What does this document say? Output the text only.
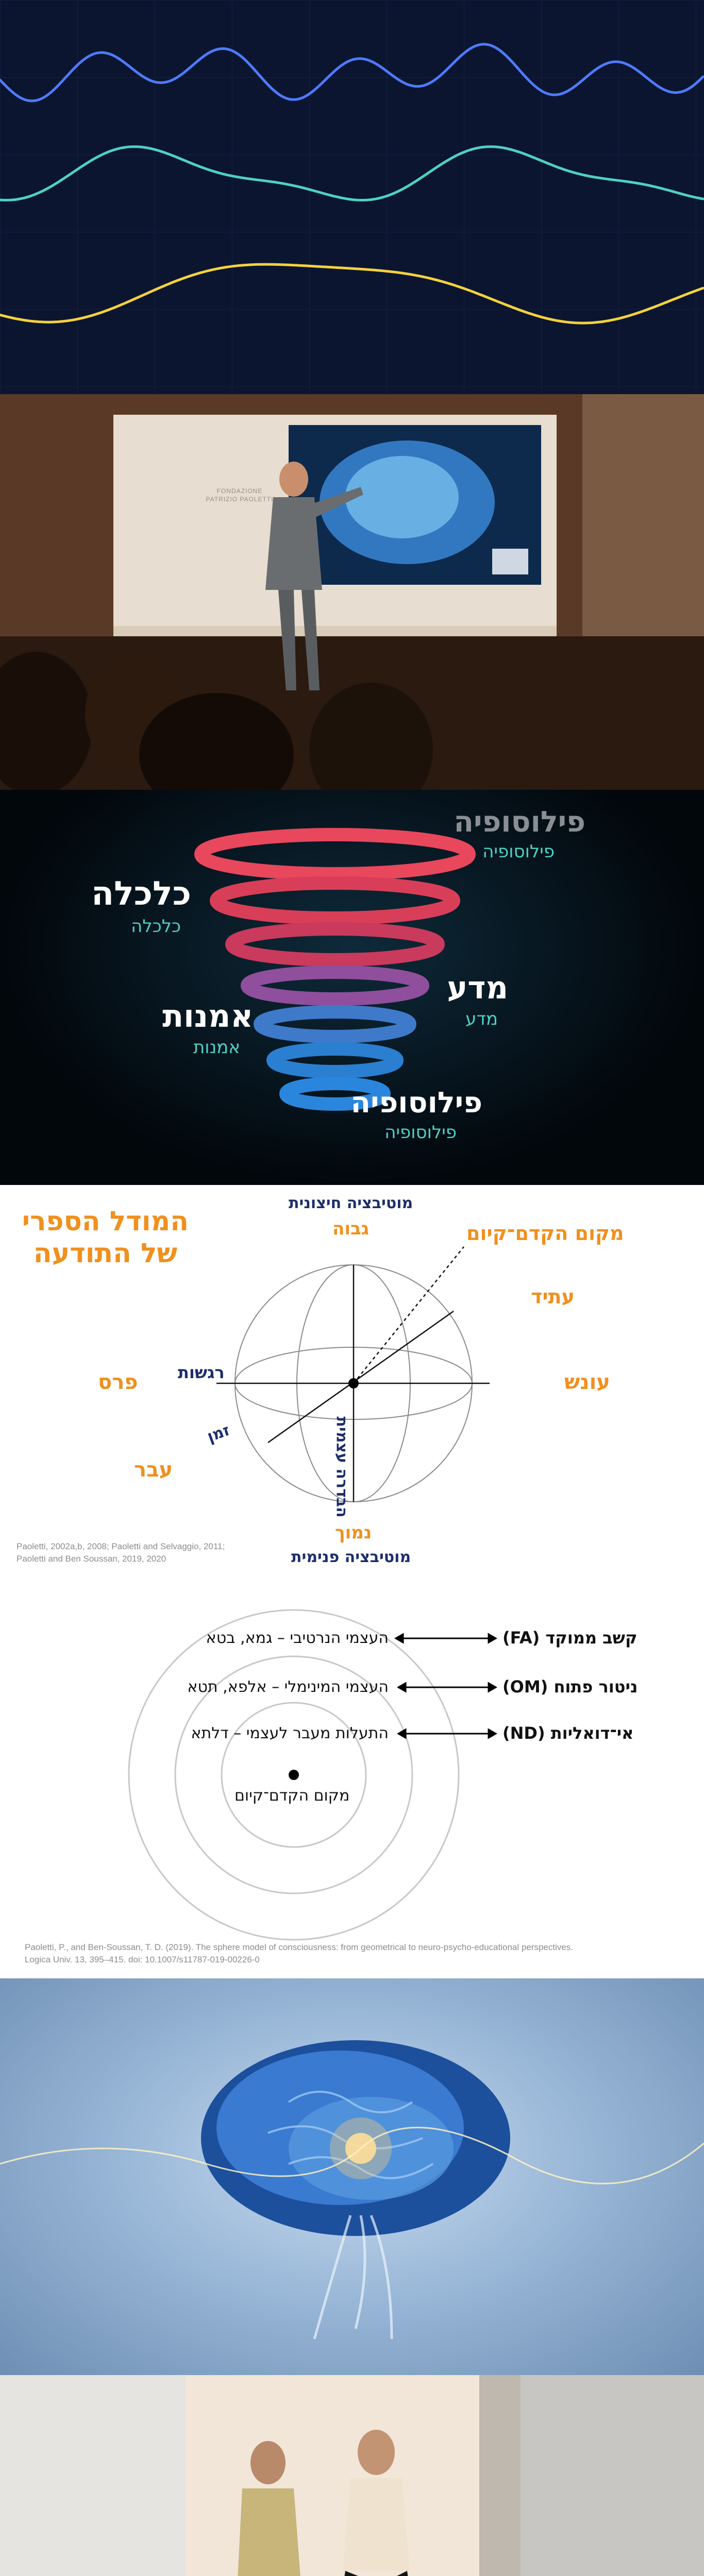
FONDAZIONE
PATRIZIO PAOLETTI
פילוסופיה
פילוסופיה
כלכלה
כלכלה
מדע
מדע
אמנות
אמנות
פילוסופיה
פילוסופיה
המודל הספרי
של התודעה
מוטיבציה חיצונית
גבוה	מקום הקדם־קיום
עתיד
רגשות
פרס	עונש
זמן
עבר	הבדרה עצמית
נמוך
מוטיבציה פנימית
Paoletti, 2002a,b, 2008; Paoletti and Selvaggio, 2011;
Paoletti and Ben Soussan, 2019, 2020
העצמי הנרטיבי – גמא, בטא	קשב ממוקד (FA)
העצמי המינימלי – אלפא, תטא	ניטור פתוח (OM)
התעלות מעבר לעצמי – דלתא	אי־דואליות (ND)
מקום הקדם־קיום
Paoletti, P., and Ben-Soussan, T. D. (2019). The sphere model of consciousness: from geometrical to neuro-psycho-educational perspectives.
Logica Univ. 13, 395–415. doi: 10.1007/s11787-019-00226-0
